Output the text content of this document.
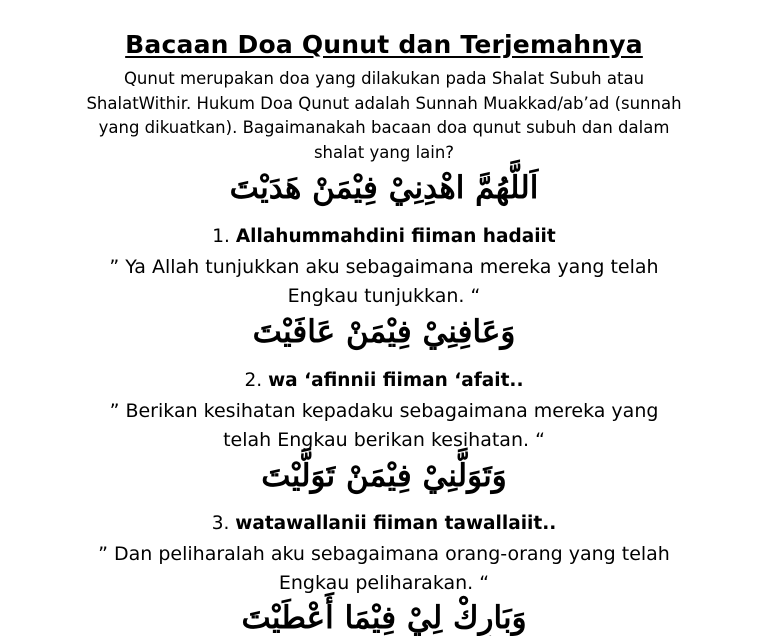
Bacaan Doa Qunut dan Terjemahnya
Qunut merupakan doa yang dilakukan pada Shalat Subuh atau ShalatWithir. Hukum Doa Qunut adalah Sunnah Muakkad/ab’ad (sunnah yang dikuatkan). Bagaimanakah bacaan doa qunut subuh dan dalam shalat yang lain?
اَللَّهُمَّ اهْدِنِيْ فِيْمَنْ هَدَيْتَ
1. Allahummahdini fiiman hadaiit
” Ya Allah tunjukkan aku sebagaimana mereka yang telah Engkau tunjukkan. “
وَعَافِنِيْ فِيْمَنْ عَافَيْتَ
2. wa ‘afinnii fiiman ‘afait..
” Berikan kesihatan kepadaku sebagaimana mereka yang telah Engkau berikan kesihatan. “
وَتَوَلَّنِيْ فِيْمَنْ تَوَلَّيْتَ
3. watawallanii fiiman tawallaiit..
” Dan peliharalah aku sebagaimana orang-orang yang telah Engkau peliharakan. “
وَبَارِكْ لِيْ فِيْمَا أَعْطَيْتَ
